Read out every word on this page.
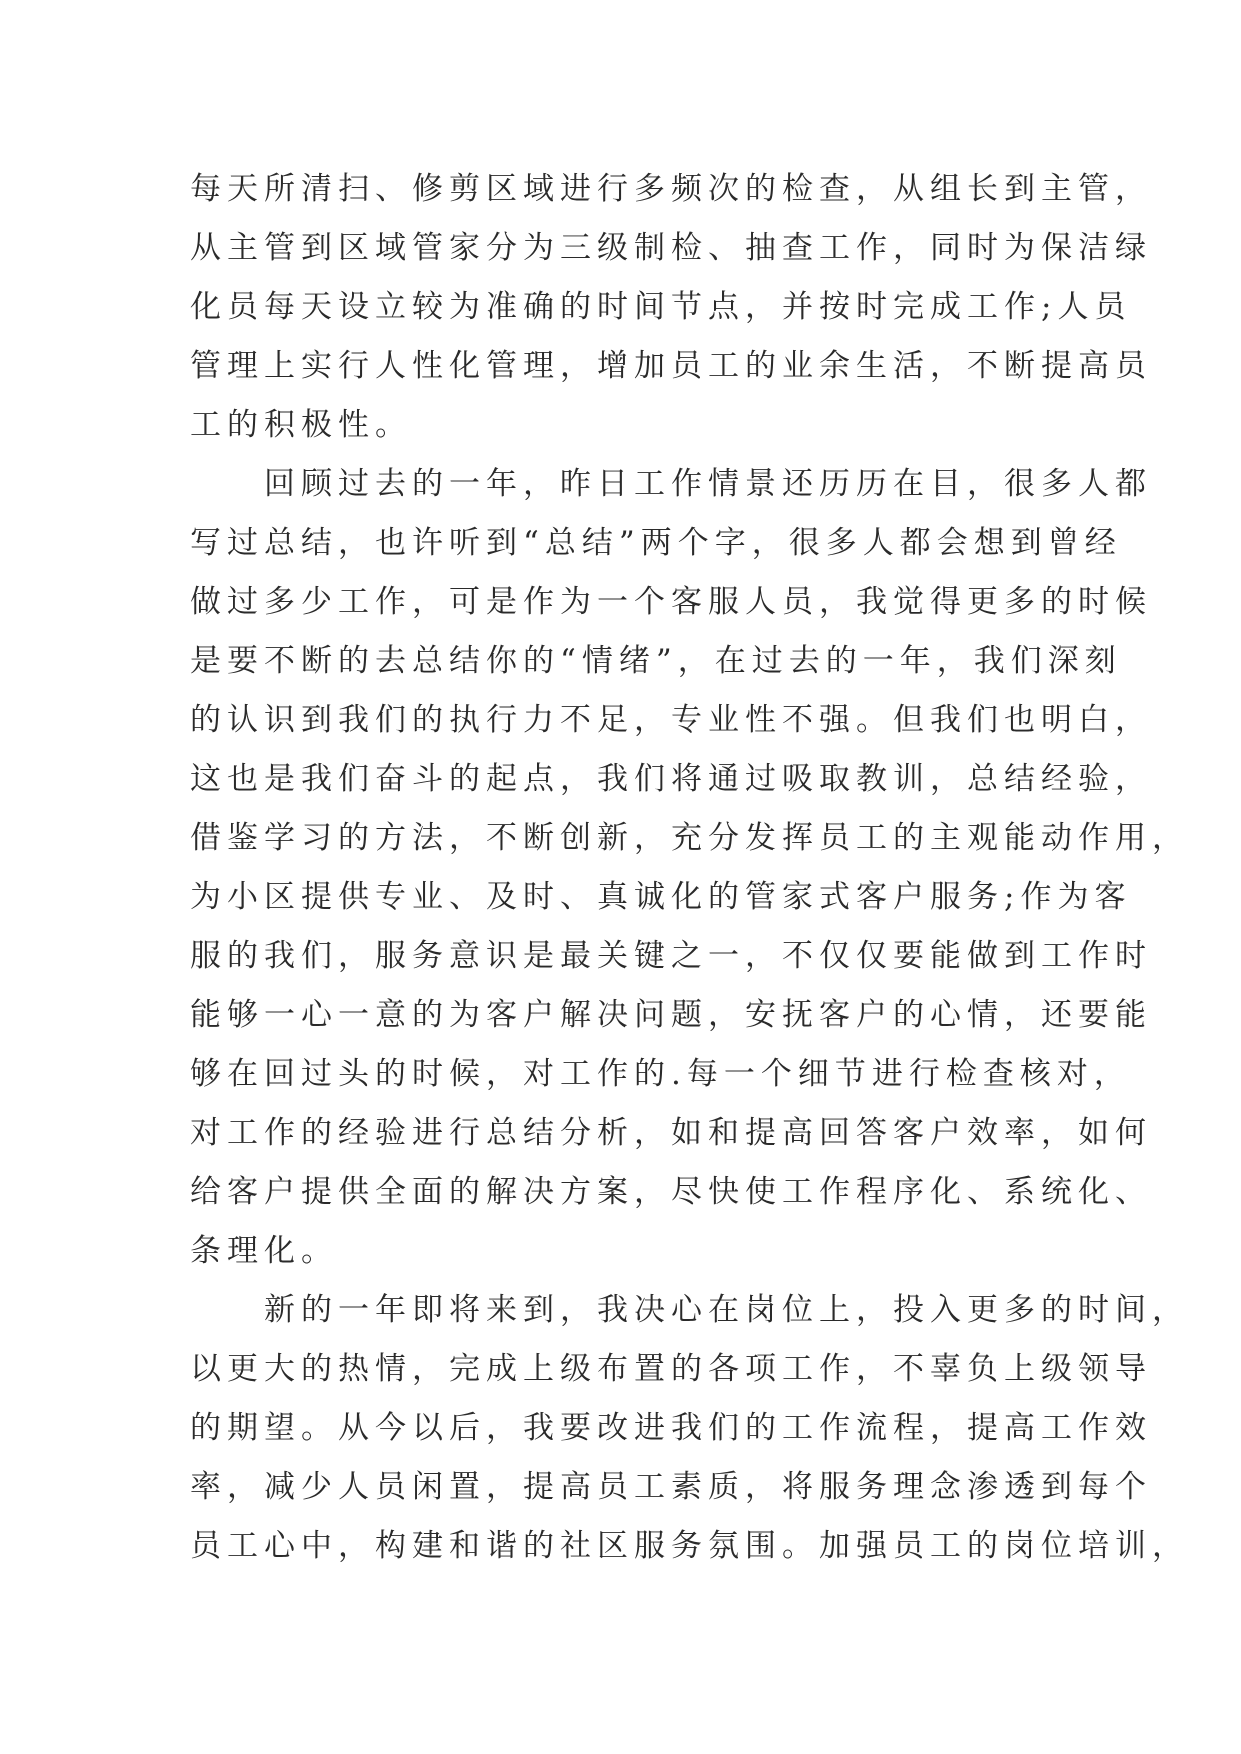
每天所清扫、修剪区域进行多频次的检查，从组长到主管，
从主管到区域管家分为三级制检、抽查工作，同时为保洁绿
化员每天设立较为准确的时间节点，并按时完成工作;人员
管理上实行人性化管理，增加员工的业余生活，不断提高员
工的积极性。
　　回顾过去的一年，昨日工作情景还历历在目，很多人都
写过总结，也许听到“总结”两个字，很多人都会想到曾经
做过多少工作，可是作为一个客服人员，我觉得更多的时候
是要不断的去总结你的“情绪”，在过去的一年，我们深刻
的认识到我们的执行力不足，专业性不强。但我们也明白，
这也是我们奋斗的起点，我们将通过吸取教训，总结经验，
借鉴学习的方法，不断创新，充分发挥员工的主观能动作用，
为小区提供专业、及时、真诚化的管家式客户服务;作为客
服的我们，服务意识是最关键之一，不仅仅要能做到工作时
能够一心一意的为客户解决问题，安抚客户的心情，还要能
够在回过头的时候，对工作的.每一个细节进行检查核对，
对工作的经验进行总结分析，如和提高回答客户效率，如何
给客户提供全面的解决方案，尽快使工作程序化、系统化、
条理化。
　　新的一年即将来到，我决心在岗位上，投入更多的时间，
以更大的热情，完成上级布置的各项工作，不辜负上级领导
的期望。从今以后，我要改进我们的工作流程，提高工作效
率，减少人员闲置，提高员工素质，将服务理念渗透到每个
员工心中，构建和谐的社区服务氛围。加强员工的岗位培训，
